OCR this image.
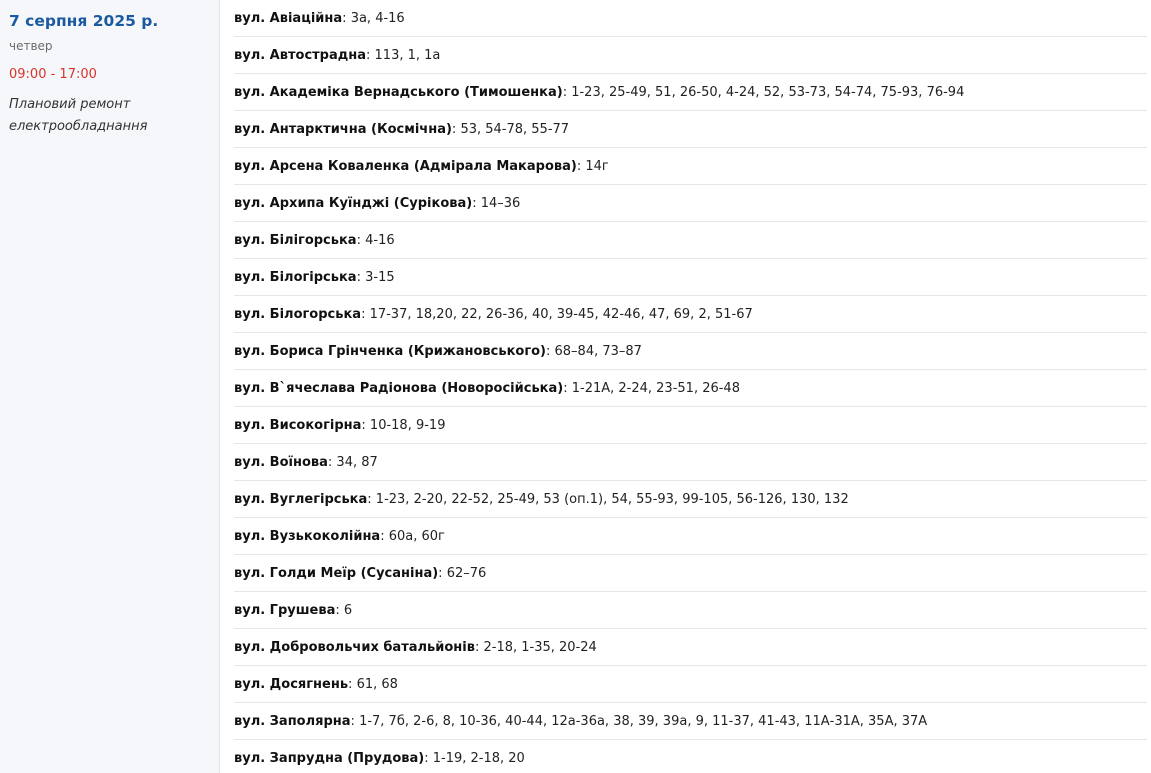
7 серпня 2025 р.
четвер
09:00 - 17:00
Плановий ремонт електрообладнання
вул. Авіаційна: 3а, 4-16
вул. Автострадна: 113, 1, 1а
вул. Академіка Вернадського (Тимошенка): 1-23, 25-49, 51, 26-50, 4-24, 52, 53-73, 54-74, 75-93, 76-94
вул. Антарктична (Космічна): 53, 54-78, 55-77
вул. Арсена Коваленка (Адмірала Макарова): 14г
вул. Архипа Куїнджі (Сурікова): 14–36
вул. Білігорська: 4-16
вул. Білогірська: 3-15
вул. Білогорська: 17-37, 18,20, 22, 26-36, 40, 39-45, 42-46, 47, 69, 2, 51-67
вул. Бориса Грінченка (Крижановського): 68–84, 73–87
вул. В`ячеслава Радіонова (Новоросійська): 1-21А, 2-24, 23-51, 26-48
вул. Високогірна: 10-18, 9-19
вул. Воїнова: 34, 87
вул. Вуглегірська: 1-23, 2-20, 22-52, 25-49, 53 (оп.1), 54, 55-93, 99-105, 56-126, 130, 132
вул. Вузькоколійна: 60а, 60г
вул. Голди Меїр (Сусаніна): 62–76
вул. Грушева: 6
вул. Добровольчих батальйонів: 2-18, 1-35, 20-24
вул. Досягнень: 61, 68
вул. Заполярна: 1-7, 7б, 2-6, 8, 10-36, 40-44, 12а-36а, 38, 39, 39а, 9, 11-37, 41-43, 11А-31А, 35А, 37А
вул. Запрудна (Прудова): 1-19, 2-18, 20
